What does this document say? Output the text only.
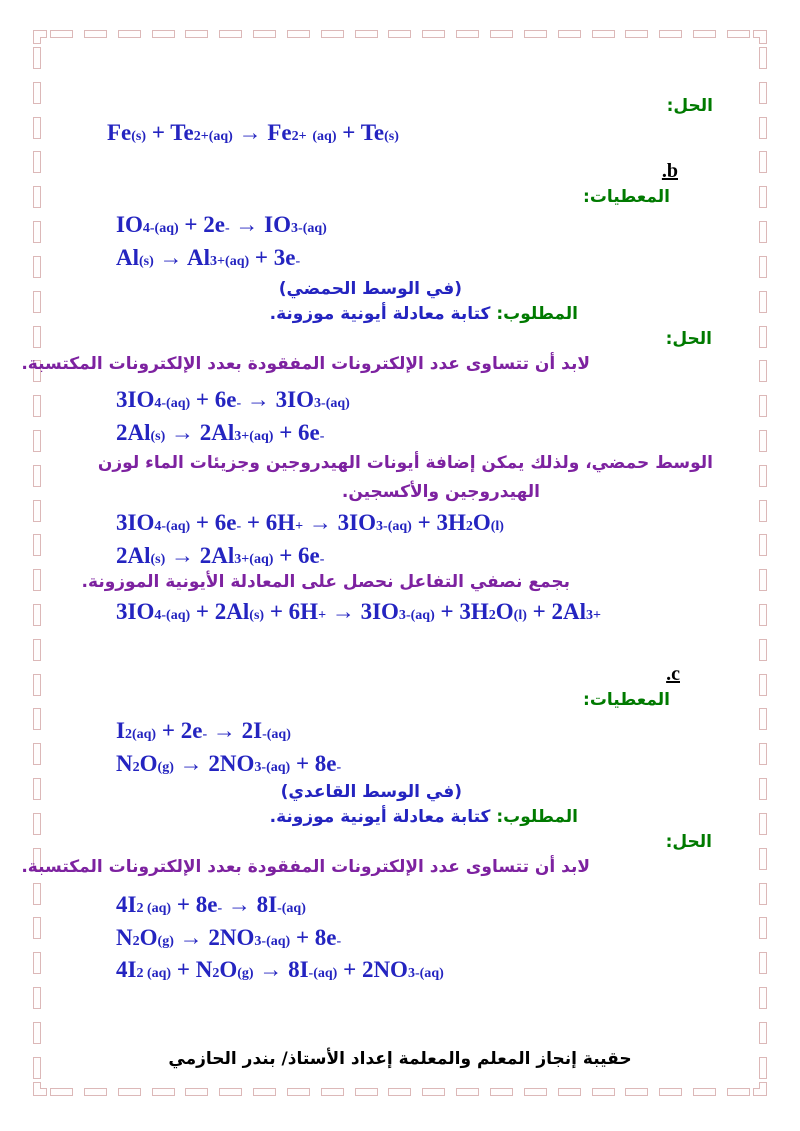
الحل:
$Fe_{(s)} + Te^{2+}_{(aq)} \to Fe^{2+}$ $_{(aq)} + Te_{(s)}$
.b
المعطيات:
$IO_4^-_{(aq)} + 2e^- \to IO_3^-_{(aq)}$
$Al_{(s)} \to Al^{3+}_{(aq)} + 3e^-$
(في الوسط الحمضي)
المطلوب: كتابة معادلة أيونية موزونة.
الحل:
لابد أن تتساوى عدد الإلكترونات المفقودة بعدد الإلكترونات المكتسبة.
$3IO_4^-_{(aq)} + 6e^- \to 3IO_3^-_{(aq)}$
$2Al_{(s)} \to 2Al^{3+}_{(aq)} + 6e^-$
الوسط حمضي، ولذلك يمكن إضافة أيونات الهيدروجين وجزيئات الماء لوزن
الهيدروجين والأكسجين.
$3IO_4^-_{(aq)} + 6e^- + 6H^+ \to 3IO_3^-_{(aq)} + 3H_2O_{(l)}$
$2Al_{(s)} \to 2Al^{3+}_{(aq)} + 6e^-$
بجمع نصفي التفاعل نحصل على المعادلة الأيونية الموزونة.
$3IO_4^-_{(aq)} + 2Al_{(s)} + 6H^+ \to 3IO_3^-_{(aq)} + 3H_2O_{(l)} + 2Al^{3+}$
.c
المعطيات:
$I_{2(aq)} + 2e^- \to 2I^-_{(aq)}$
$N_2O_{(g)} \to 2NO_3^-_{(aq)} + 8e^-$
(في الوسط القاعدي)
المطلوب: كتابة معادلة أيونية موزونة.
الحل:
لابد أن تتساوى عدد الإلكترونات المفقودة بعدد الإلكترونات المكتسبة.
$4I_{2 (aq)} + 8e^- \to 8I^-_{(aq)}$
$N_2O_{(g)} \to 2NO_3^-_{(aq)} + 8e^-$
$4I_{2 (aq)} + N_2O_{(g)} \to 8I^-_{(aq)} + 2NO_3^-_{(aq)}$
حقيبة إنجاز المعلم والمعلمة إعداد الأستاذ/ بندر الحازمي
